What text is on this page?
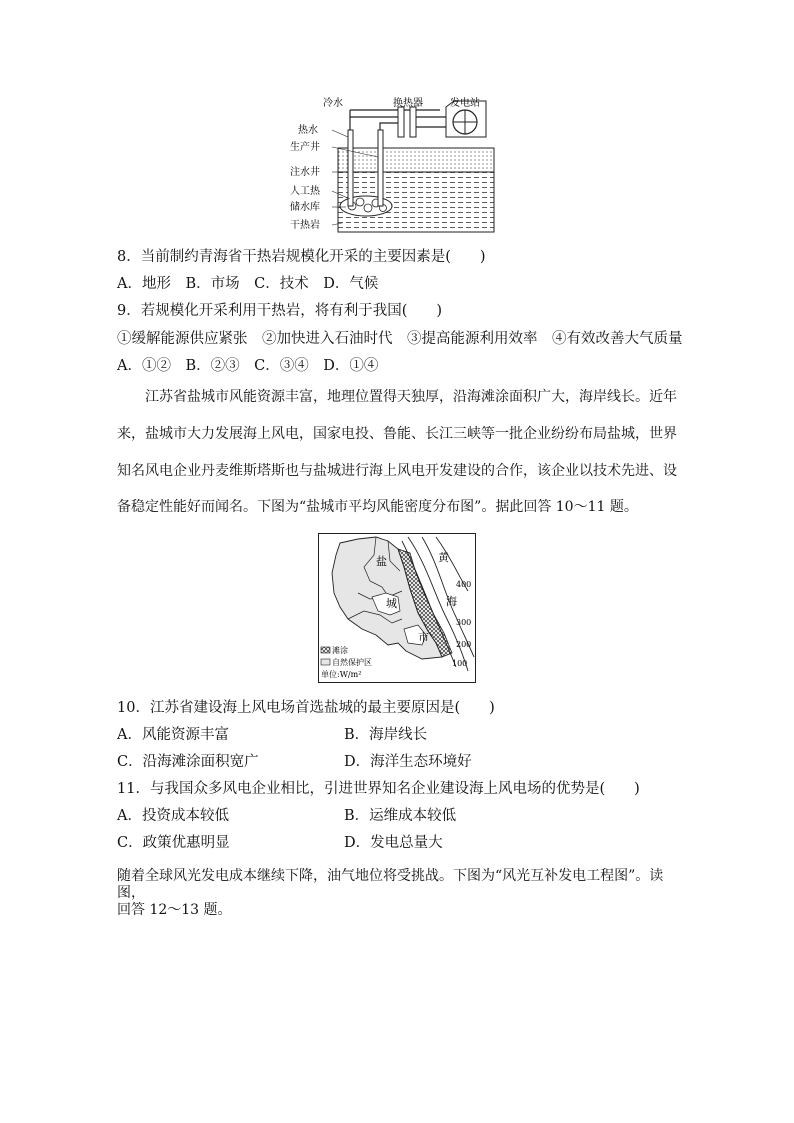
冷水	换热器	发电站
热水
生产井
注水井
人工热
储水库
干热岩
8．当前制约青海省干热岩规模化开采的主要因素是(　　)
A．地形　B．市场　C．技术　D．气候
9．若规模化开采利用干热岩，将有利于我国(　　)
①缓解能源供应紧张　②加快进入石油时代　③提高能源利用效率　④有效改善大气质量
A．①②　B．②③　C．③④　D．①④
江苏省盐城市风能资源丰富，地理位置得天独厚，沿海滩涂面积广大，海岸线长。近年
来，盐城市大力发展海上风电，国家电投、鲁能、长江三峡等一批企业纷纷布局盐城，世界
知名风电企业丹麦维斯塔斯也与盐城进行海上风电开发建设的合作，该企业以技术先进、设
备稳定性能好而闻名。下图为“盐城市平均风能密度分布图”。据此回答 10～11 题。
盐
城
市
黄
海
400
300
200
100
滩涂
自然保护区
单位:W/m²
10．江苏省建设海上风电场首选盐城的最主要原因是(　　)
A．风能资源丰富	B．海岸线长
C．沿海滩涂面积宽广	D．海洋生态环境好
11．与我国众多风电企业相比，引进世界知名企业建设海上风电场的优势是(　　)
A．投资成本较低	B．运维成本较低
C．政策优惠明显	D．发电总量大
随着全球风光发电成本继续下降，油气地位将受挑战。下图为“风光互补发电工程图”。读图，
回答 12～13 题。
